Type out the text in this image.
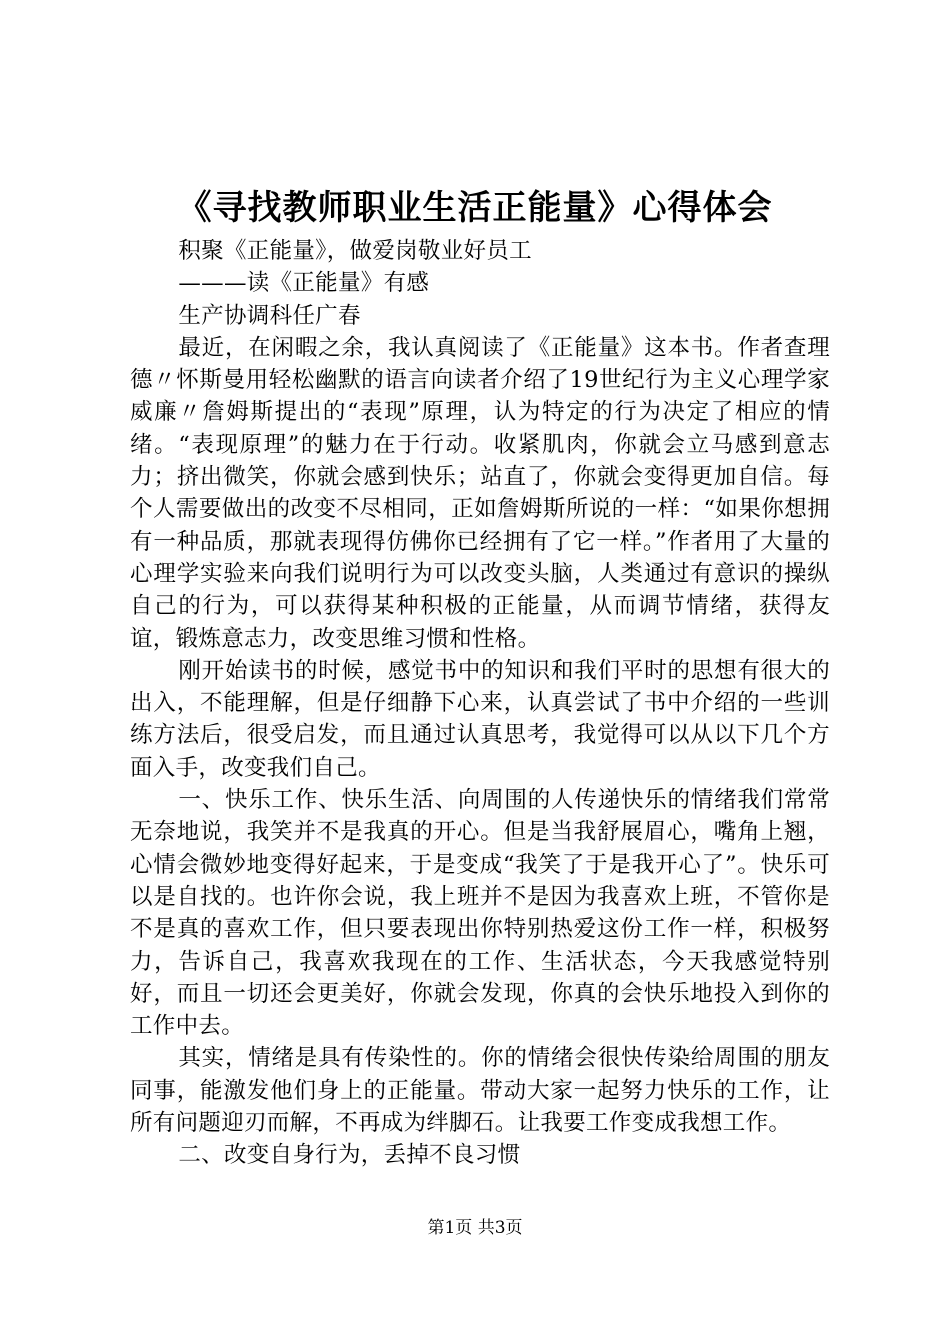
《寻找教师职业生活正能量》心得体会

积聚《正能量》，做爱岗敬业好员工

———读《正能量》有感

生产协调科任广春

最近，在闲暇之余，我认真阅读了《正能量》这本书。作者查理德〃怀斯曼用轻松幽默的语言向读者介绍了19世纪行为主义心理学家威廉〃詹姆斯提出的“表现”原理，认为特定的行为决定了相应的情绪。“表现原理”的魅力在于行动。收紧肌肉，你就会立马感到意志力；挤出微笑，你就会感到快乐；站直了，你就会变得更加自信。每个人需要做出的改变不尽相同，正如詹姆斯所说的一样：“如果你想拥有一种品质，那就表现得仿佛你已经拥有了它一样。”作者用了大量的心理学实验来向我们说明行为可以改变头脑，人类通过有意识的操纵自己的行为，可以获得某种积极的正能量，从而调节情绪，获得友谊，锻炼意志力，改变思维习惯和性格。

刚开始读书的时候，感觉书中的知识和我们平时的思想有很大的出入，不能理解，但是仔细静下心来，认真尝试了书中介绍的一些训练方法后，很受启发，而且通过认真思考，我觉得可以从以下几个方面入手，改变我们自己。

一、快乐工作、快乐生活、向周围的人传递快乐的情绪我们常常无奈地说，我笑并不是我真的开心。但是当我舒展眉心，嘴角上翘，心情会微妙地变得好起来，于是变成“我笑了于是我开心了”。快乐可以是自找的。也许你会说，我上班并不是因为我喜欢上班，不管你是不是真的喜欢工作，但只要表现出你特别热爱这份工作一样，积极努力，告诉自己，我喜欢我现在的工作、生活状态，今天我感觉特别好，而且一切还会更美好，你就会发现，你真的会快乐地投入到你的工作中去。

其实，情绪是具有传染性的。你的情绪会很快传染给周围的朋友同事，能激发他们身上的正能量。带动大家一起努力快乐的工作，让所有问题迎刃而解，不再成为绊脚石。让我要工作变成我想工作。

二、改变自身行为，丢掉不良习惯

第1页 共3页
